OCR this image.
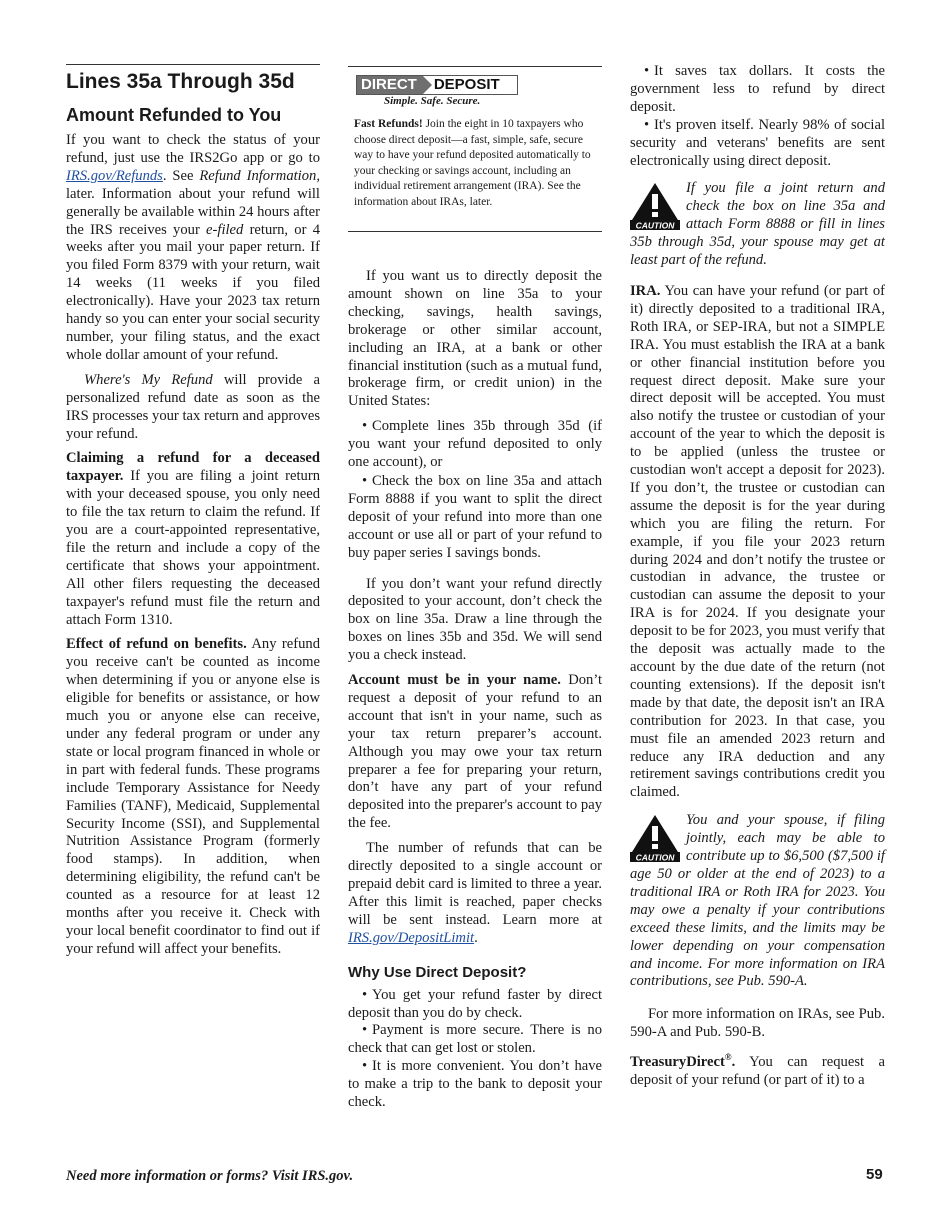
Lines 35a Through 35d
Amount Refunded to You

If you want to check the status of your refund, just use the IRS2Go app or go to IRS.gov/Refunds. See Refund Information, later. Information about your refund will generally be available within 24 hours after the IRS receives your e-filed return, or 4 weeks after you mail your paper return. If you filed Form 8379 with your return, wait 14 weeks (11 weeks if you filed electronically). Have your 2023 tax return handy so you can enter your social security number, your filing status, and the exact whole dollar amount of your refund.

Where's My Refund will provide a personalized refund date as soon as the IRS processes your tax return and approves your refund.

Claiming a refund for a deceased taxpayer. If you are filing a joint return with your deceased spouse, you only need to file the tax return to claim the refund. If you are a court-appointed representative, file the return and include a copy of the certificate that shows your appointment. All other filers requesting the deceased taxpayer's refund must file the return and attach Form 1310.

Effect of refund on benefits. Any refund you receive can't be counted as income when determining if you or anyone else is eligible for benefits or assistance, or how much you or anyone else can receive, under any federal program or under any state or local program financed in whole or in part with federal funds. These programs include Temporary Assistance for Needy Families (TANF), Medicaid, Supplemental Security Income (SSI), and Supplemental Nutrition Assistance Program (formerly food stamps). In addition, when determining eligibility, the refund can't be counted as a resource for at least 12 months after you receive it. Check with your local benefit coordinator to find out if your refund will affect your benefits.

DIRECT	DEPOSIT
Simple. Safe. Secure.
Fast Refunds! Join the eight in 10 taxpayers who choose direct deposit—a fast, simple, safe, secure way to have your refund deposited automatically to your checking or savings account, including an individual retirement arrangement (IRA). See the information about IRAs, later.

If you want us to directly deposit the amount shown on line 35a to your checking, savings, health savings, brokerage or other similar account, including an IRA, at a bank or other financial institution (such as a mutual fund, brokerage firm, or credit union) in the United States:

• Complete lines 35b through 35d (if you want your refund deposited to only one account), or

• Check the box on line 35a and attach Form 8888 if you want to split the direct deposit of your refund into more than one account or use all or part of your refund to buy paper series I savings bonds.

If you don’t want your refund directly deposited to your account, don’t check the box on line 35a. Draw a line through the boxes on lines 35b and 35d. We will send you a check instead.

Account must be in your name. Don’t request a deposit of your refund to an account that isn't in your name, such as your tax return preparer’s account. Although you may owe your tax return preparer a fee for preparing your return, don’t have any part of your refund deposited into the preparer's account to pay the fee.

The number of refunds that can be directly deposited to a single account or prepaid debit card is limited to three a year. After this limit is reached, paper checks will be sent instead. Learn more at IRS.gov/DepositLimit.

Why Use Direct Deposit?

• You get your refund faster by direct deposit than you do by check.

• Payment is more secure. There is no check that can get lost or stolen.

• It is more convenient. You don’t have to make a trip to the bank to deposit your check.

• It saves tax dollars. It costs the government less to refund by direct deposit.

• It's proven itself. Nearly 98% of social security and veterans' benefits are sent electronically using direct deposit.

CAUTION
If you file a joint return and check the box on line 35a and attach Form 8888 or fill in lines 35b through 35d, your spouse may get at least part of the refund.

IRA. You can have your refund (or part of it) directly deposited to a traditional IRA, Roth IRA, or SEP-IRA, but not a SIMPLE IRA. You must establish the IRA at a bank or other financial institution before you request direct deposit. Make sure your direct deposit will be accepted. You must also notify the trustee or custodian of your account of the year to which the deposit is to be applied (unless the trustee or custodian won't accept a deposit for 2023). If you don’t, the trustee or custodian can assume the deposit is for the year during which you are filing the return. For example, if you file your 2023 return during 2024 and don’t notify the trustee or custodian in advance, the trustee or custodian can assume the deposit to your IRA is for 2024. If you designate your deposit to be for 2023, you must verify that the deposit was actually made to the account by the due date of the return (not counting extensions). If the deposit isn't made by that date, the deposit isn't an IRA contribution for 2023. In that case, you must file an amended 2023 return and reduce any IRA deduction and any retirement savings contributions credit you claimed.

CAUTION
You and your spouse, if filing jointly, each may be able to contribute up to $6,500 ($7,500 if age 50 or older at the end of 2023) to a traditional IRA or Roth IRA for 2023. You may owe a penalty if your contributions exceed these limits, and the limits may be lower depending on your compensation and income. For more information on IRA contributions, see Pub. 590-A.

For more information on IRAs, see Pub. 590-A and Pub. 590-B.

TreasuryDirect®. You can request a deposit of your refund (or part of it) to a

Need more information or forms? Visit IRS.gov.	59
